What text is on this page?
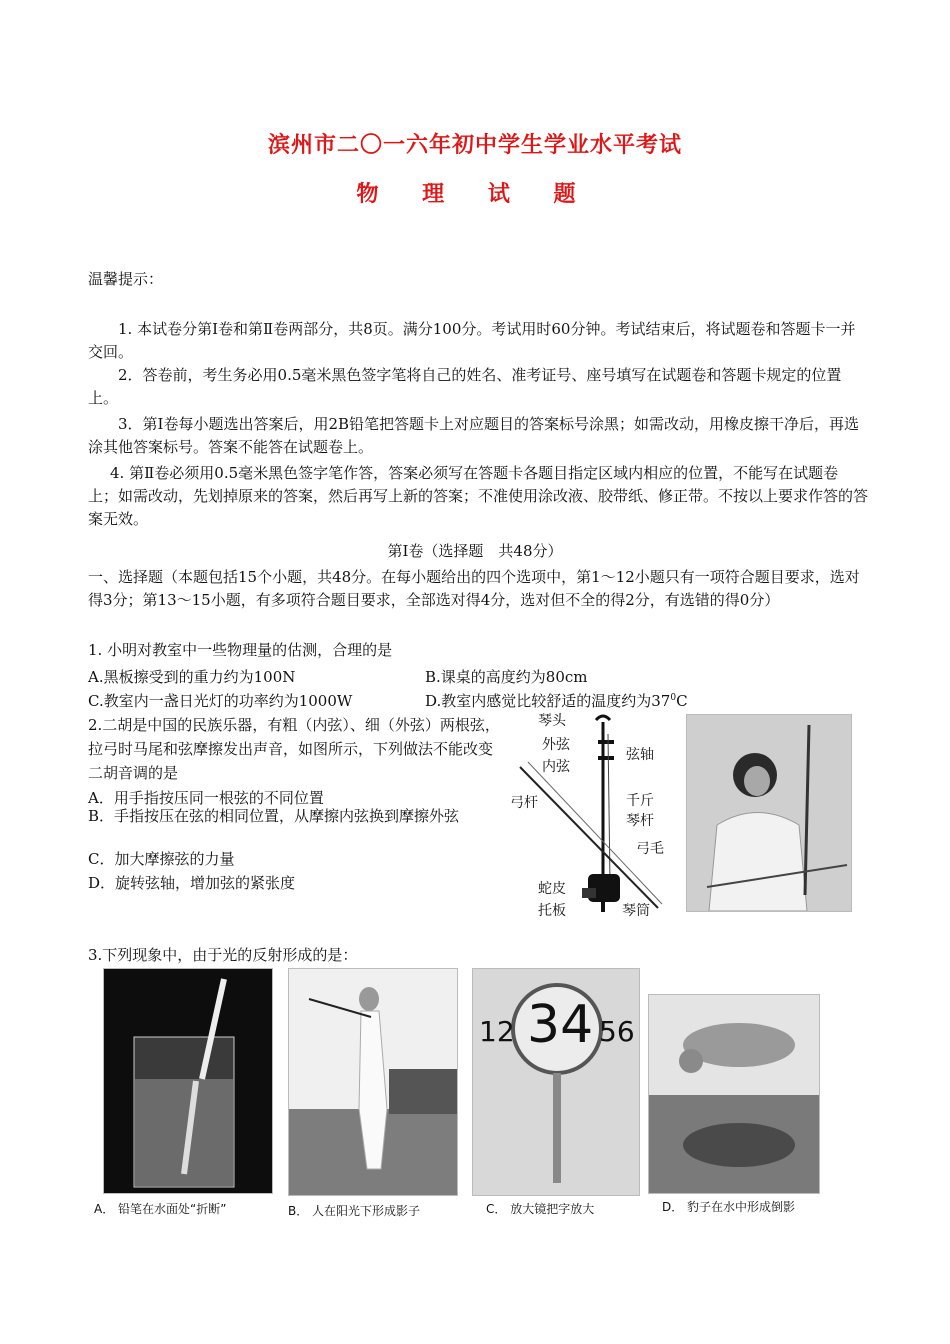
滨州市二〇一六年初中学生学业水平考试
物 理 试 题
温馨提示：
1. 本试卷分第Ⅰ卷和第Ⅱ卷两部分，共8页。满分100分。考试用时60分钟。考试结束后，将试题卷和答题卡一并交回。
2．答卷前，考生务必用0.5毫米黑色签字笔将自己的姓名、准考证号、座号填写在试题卷和答题卡规定的位置上。
3．第Ⅰ卷每小题选出答案后，用2B铅笔把答题卡上对应题目的答案标号涂黑；如需改动，用橡皮擦干净后，再选涂其他答案标号。答案不能答在试题卷上。
4. 第Ⅱ卷必须用0.5毫米黑色签字笔作答，答案必须写在答题卡各题目指定区域内相应的位置，不能写在试题卷上；如需改动，先划掉原来的答案，然后再写上新的答案；不准使用涂改液、胶带纸、修正带。不按以上要求作答的答案无效。
第Ⅰ卷（选择题　共48分）
一、选择题（本题包括15个小题，共48分。在每小题给出的四个选项中，第1～12小题只有一项符合题目要求，选对得3分；第13～15小题，有多项符合题目要求，全部选对得4分，选对但不全的得2分，有选错的得0分）
1. 小明对教室中一些物理量的估测，合理的是
A.黑板擦受到的重力约为100N	B.课桌的高度约为80cm
C.教室内一盏日光灯的功率约为1000W	D.教室内感觉比较舒适的温度约为$37^0C$
2.二胡是中国的民族乐器，有粗（内弦）、细（外弦）两根弦，拉弓时马尾和弦摩擦发出声音，如图所示，下列做法不能改变二胡音调的是
A．用手指按压同一根弦的不同位置
B．手指按压在弦的相同位置，从摩擦内弦换到摩擦外弦
C．加大摩擦弦的力量
D．旋转弦轴，增加弦的紧张度
琴头
外弦
内弦
弦轴
千斤
琴杆
弓杆
弓毛
蛇皮
托板	琴筒
3.下列现象中，由于光的反射形成的是：
12 34 56
A． 铅笔在水面处“折断”	B． 人在阳光下形成影子	C． 放大镜把字放大	D． 豹子在水中形成倒影
